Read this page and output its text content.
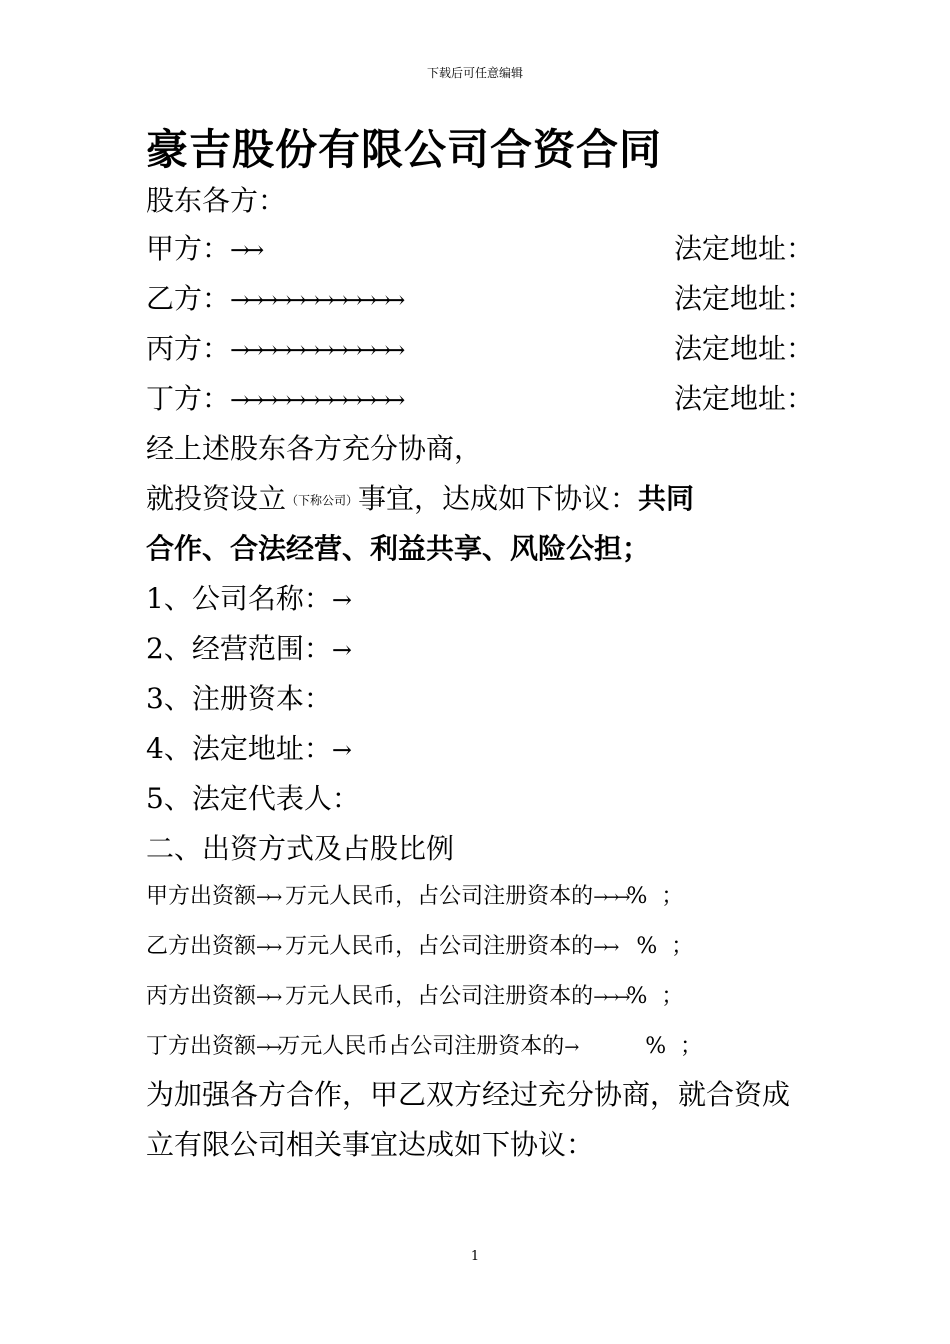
下载后可任意编辑
豪吉股份有限公司合资合同
股东各方：
甲方：→→	法定地址：
乙方：→→→→→→→→→→→→	法定地址：
丙方：→→→→→→→→→→→→	法定地址：
丁方：→→→→→→→→→→→→	法定地址：
经上述股东各方充分协商，
就投资设立（下称公司）事宜，达成如下协议：共同
合作、合法经营、利益共享、风险公担；
1、公司名称：→
2、经营范围：→
3、注册资本：
4、法定地址：→
5、法定代表人：
二、出资方式及占股比例
甲方出资额→→ 万元人民币，占公司注册资本的→→→%  ；
乙方出资额→→ 万元人民币，占公司注册资本的→→   %  ；
丙方出资额→→ 万元人民币，占公司注册资本的→→→%  ；
丁方出资额→→万元人民币占公司注册资本的→          %  ；
为加强各方合作，甲乙双方经过充分协商，就合资成
立有限公司相关事宜达成如下协议：
1
